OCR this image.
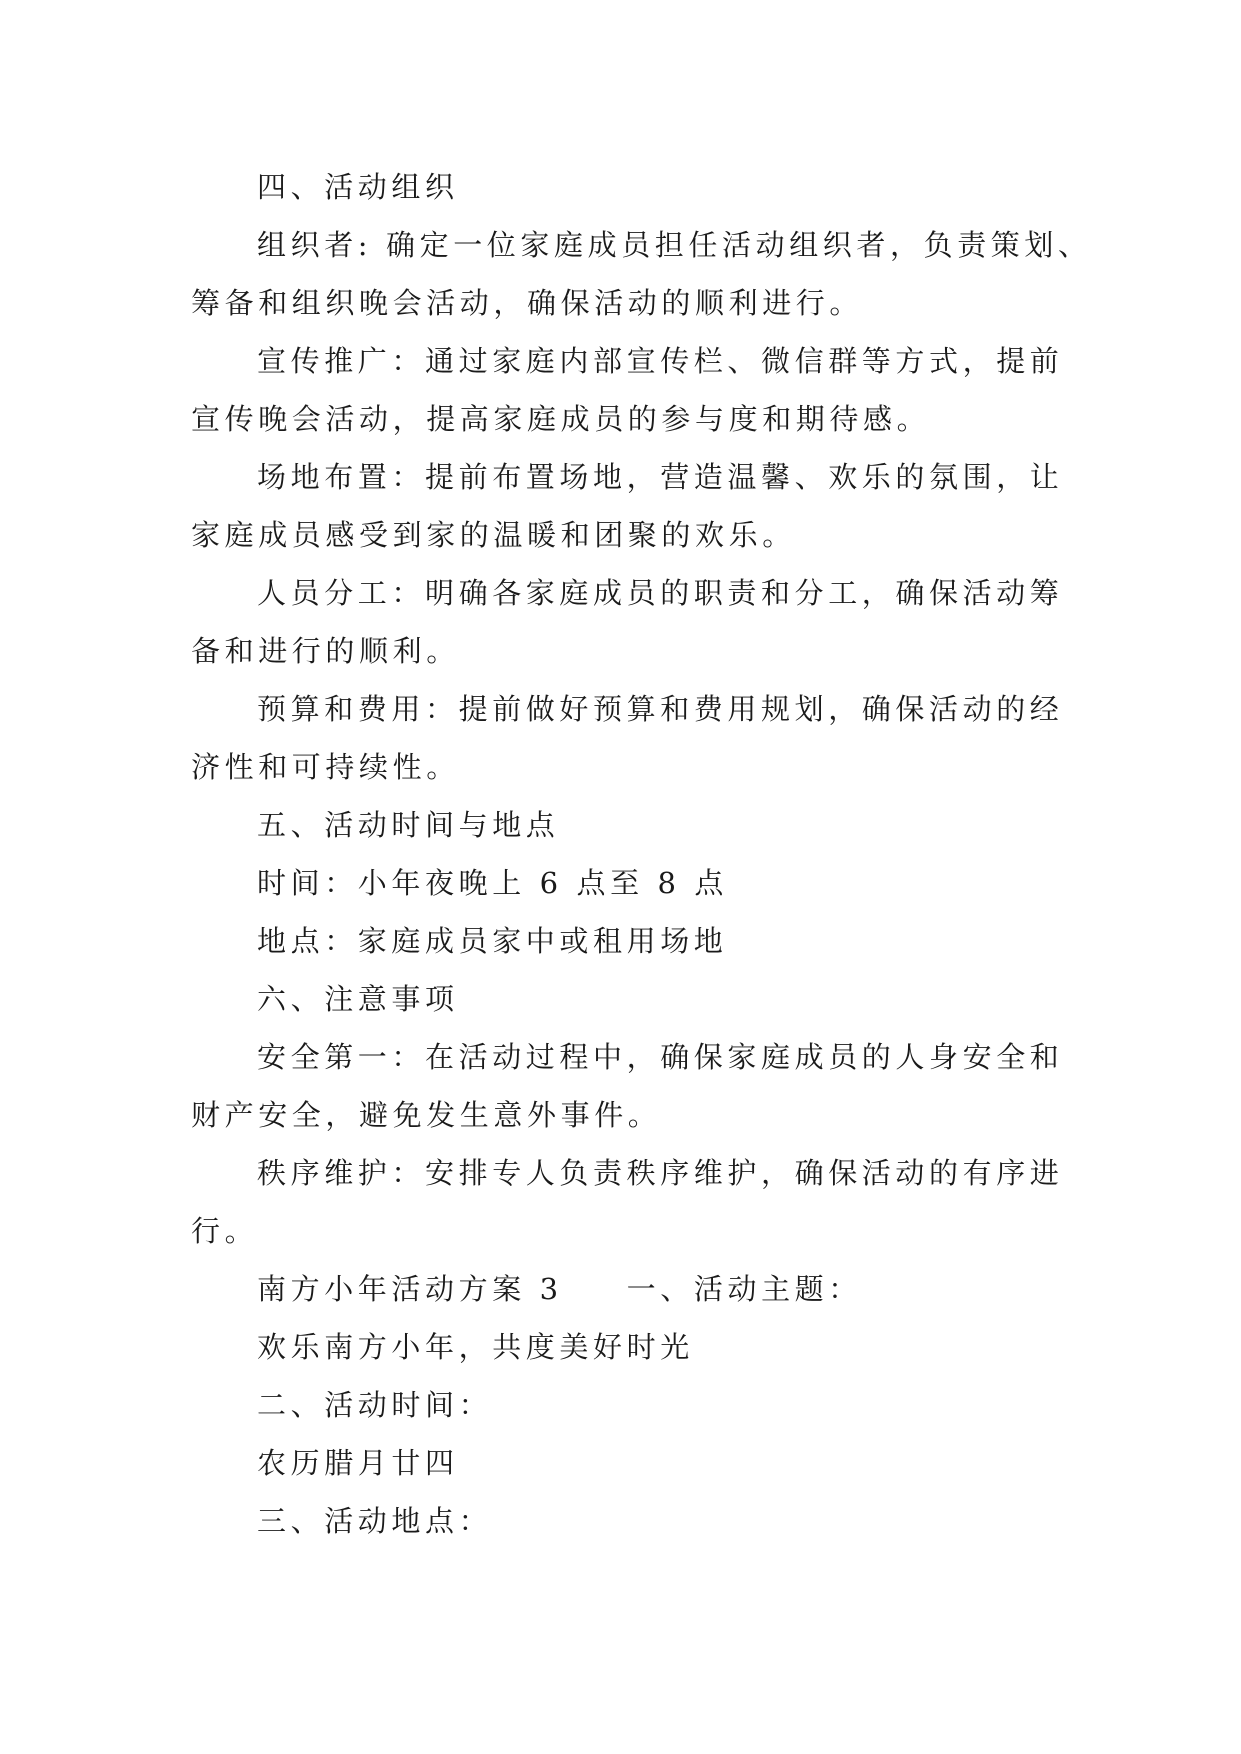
四、活动组织
组织者: 确定一位家庭成员担任活动组织者，负责策划、
筹备和组织晚会活动，确保活动的顺利进行。
宣传推广：通过家庭内部宣传栏、微信群等方式，提前
宣传晚会活动，提高家庭成员的参与度和期待感。
场地布置：提前布置场地，营造温馨、欢乐的氛围，让
家庭成员感受到家的温暖和团聚的欢乐。
人员分工：明确各家庭成员的职责和分工，确保活动筹
备和进行的顺利。
预算和费用：提前做好预算和费用规划，确保活动的经
济性和可持续性。
五、活动时间与地点
时间：小年夜晚上 6 点至 8 点
地点：家庭成员家中或租用场地
六、注意事项
安全第一：在活动过程中，确保家庭成员的人身安全和
财产安全，避免发生意外事件。
秩序维护：安排专人负责秩序维护，确保活动的有序进
行。
南方小年活动方案 3 一、活动主题：
欢乐南方小年，共度美好时光
二、活动时间：
农历腊月廿四
三、活动地点：
